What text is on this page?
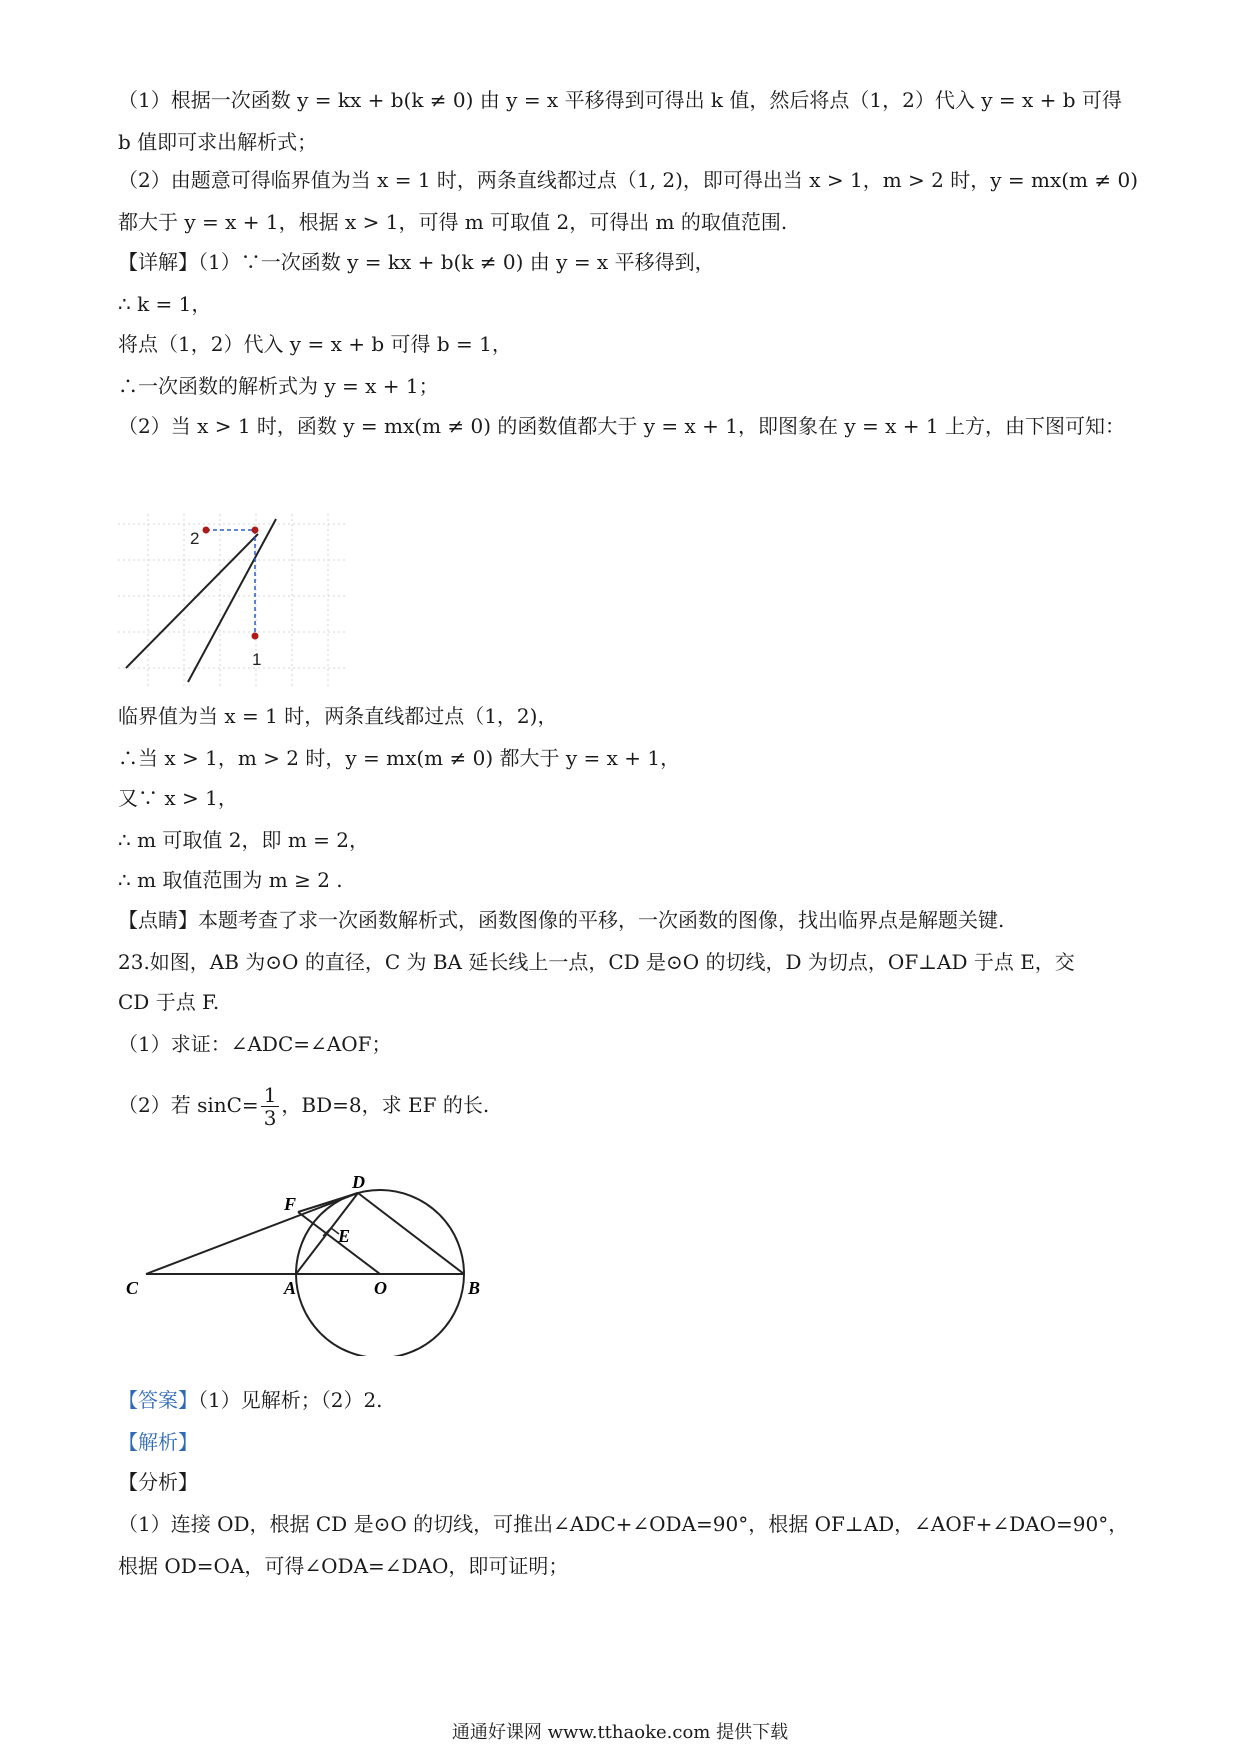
（1）根据一次函数 y = kx + b(k ≠ 0) 由 y = x 平移得到可得出 k 值，然后将点（1，2）代入 y = x + b 可得
b 值即可求出解析式；
（2）由题意可得临界值为当 x = 1 时，两条直线都过点（1, 2)，即可得出当 x > 1，m > 2 时，y = mx(m ≠ 0)
都大于 y = x + 1，根据 x > 1，可得 m 可取值 2，可得出 m 的取值范围.
【详解】（1）∵一次函数 y = kx + b(k ≠ 0) 由 y = x 平移得到，
∴ k = 1，
将点（1，2）代入 y = x + b 可得 b = 1，
∴一次函数的解析式为 y = x + 1；
（2）当 x > 1 时，函数 y = mx(m ≠ 0) 的函数值都大于 y = x + 1，即图象在 y = x + 1 上方，由下图可知：
2
1
临界值为当 x = 1 时，两条直线都过点（1，2)，
∴当 x > 1，m > 2 时，y = mx(m ≠ 0) 都大于 y = x + 1，
又∵ x > 1，
∴ m 可取值 2，即 m = 2，
∴ m 取值范围为 m ≥ 2 .
【点睛】本题考查了求一次函数解析式，函数图像的平移，一次函数的图像，找出临界点是解题关键.
23.如图，AB 为⊙O 的直径，C 为 BA 延长线上一点，CD 是⊙O 的切线，D 为切点，OF⊥AD 于点 E，交
CD 于点 F.
（1）求证：∠ADC=∠AOF；
（2）若 $\sin C= \frac{1}{3}$ ，BD=8，求 EF 的长.
F
D
E
C	A	O	B
【答案】（1）见解析；（2）2.
【解析】
【分析】
（1）连接 OD，根据 CD 是⊙O 的切线，可推出∠ADC+∠ODA=90°，根据 OF⊥AD，∠AOF+∠DAO=90°，
根据 OD=OA，可得∠ODA=∠DAO，即可证明；
通通好课网 www.tthaoke.com 提供下载
